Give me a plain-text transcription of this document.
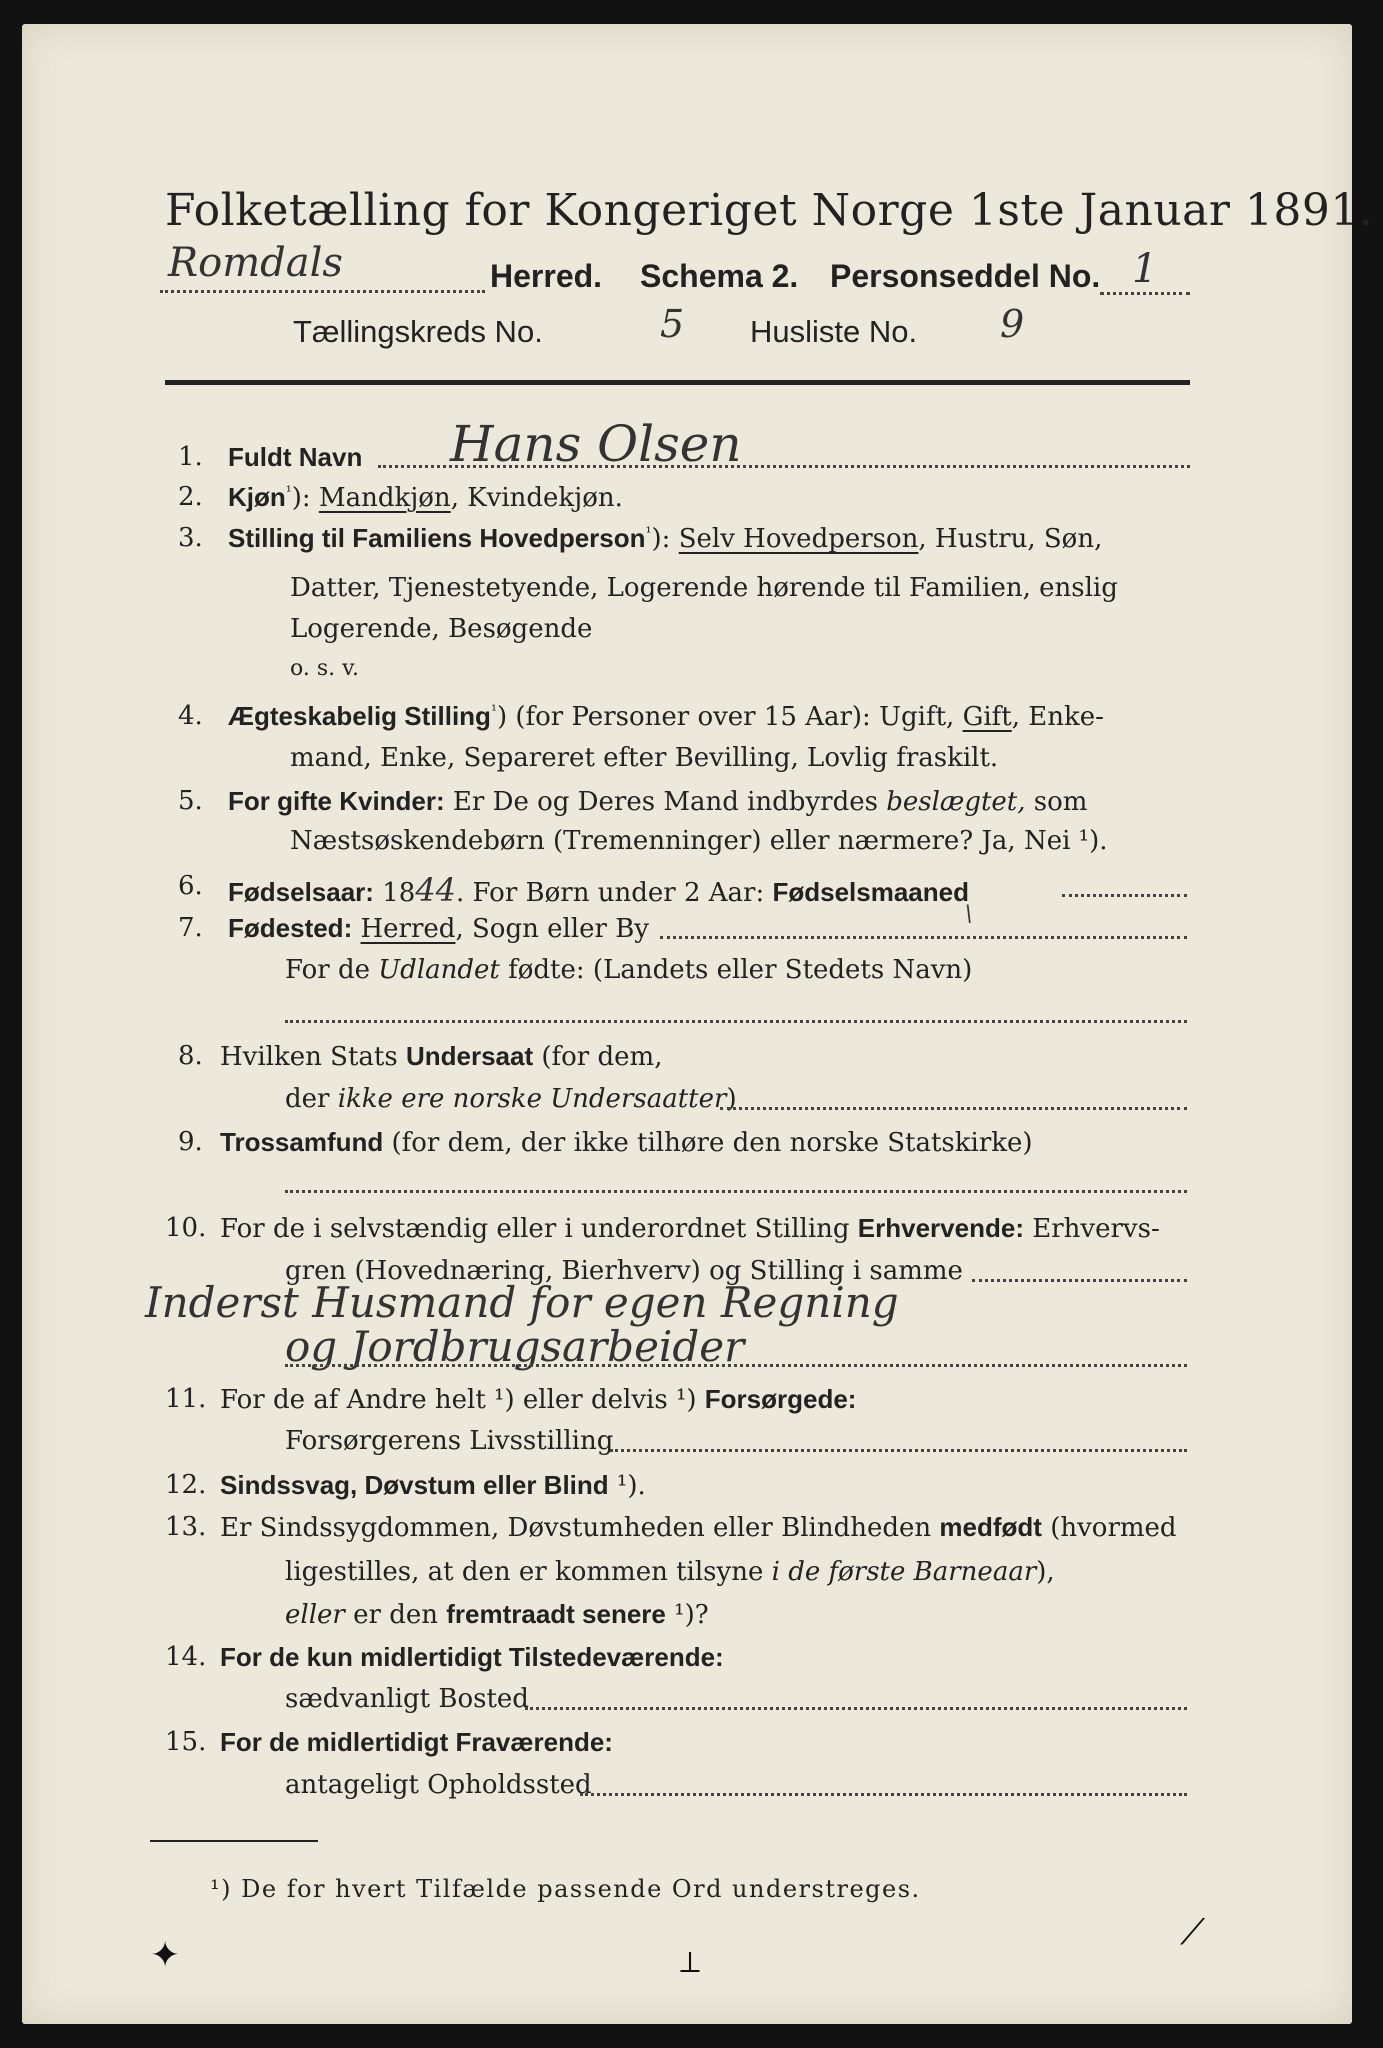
Folketælling for Kongeriget Norge 1ste Januar 1891.
Romdals	Herred. Schema 2. Personseddel No. 1
Tællingskreds No.	5 Husliste No. 9
1. Fuldt Navn Hans Olsen
2. Kjøn$^{^1}$): Mandkjøn, Kvindekjøn.
3. Stilling til Familiens Hovedperson$^{^1}$): Selv Hovedperson, Hustru, Søn,
Datter, Tjenestetyende, Logerende hørende til Familien, enslig
Logerende, Besøgende
o. s. v.
4. Ægteskabelig Stilling$^{^1}$) (for Personer over 15 Aar): Ugift, Gift, Enke-
mand, Enke, Separeret efter Bevilling, Lovlig fraskilt.
5. For gifte Kvinder: Er De og Deres Mand indbyrdes beslægtet, som
Næstsøskendebørn (Tremenninger) eller nærmere? Ja, Nei ¹).
6. Fødselsaar: 1844. For Børn under 2 Aar: Fødselsmaaned
7. Fødested: Herred, Sogn eller By	\
For de Udlandet fødte: (Landets eller Stedets Navn)
8. Hvilken Stats Undersaat (for dem,
der ikke ere norske Undersaatter)
9. Trossamfund (for dem, der ikke tilhøre den norske Statskirke)
10. For de i selvstændig eller i underordnet Stilling Erhvervende: Erhvervs-
gren (Hovednæring, Bierhverv) og Stilling i samme
Inderst Husmand for egen Regning
og Jordbrugsarbeider
11. For de af Andre helt ¹) eller delvis ¹) Forsørgede:
Forsørgerens Livsstilling
12. Sindssvag, Døvstum eller Blind ¹).
13. Er Sindssygdommen, Døvstumheden eller Blindheden medfødt (hvormed
ligestilles, at den er kommen tilsyne i de første Barneaar),
eller er den fremtraadt senere ¹)?
14. For de kun midlertidigt Tilstedeværende:
sædvanligt Bosted
15. For de midlertidigt Fraværende:
antageligt Opholdssted
¹) De for hvert Tilfælde passende Ord understreges.
✦	⟂
⟋
